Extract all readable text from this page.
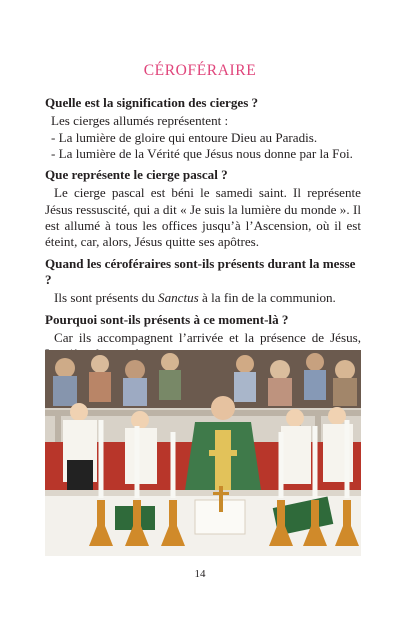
CÉROFÉRAIRE
Quelle est la signification des cierges ?
Les cierges allumés représentent :
- La lumière de gloire qui entoure Dieu au Paradis.
- La lumière de la Vérité que Jésus nous donne par la Foi.
Que représente le cierge pascal ?
Le cierge pascal est béni le samedi saint. Il représente Jésus ressuscité, qui a dit « Je suis la lumière du monde ». Il est allumé à tous les offices jusqu’à l’Ascension, où il est éteint, car, alors, Jésus quitte ses apôtres.
Quand les céroféraires sont-ils présents durant la messe ?
Ils sont présents du Sanctus à la fin de la communion.
Pourquoi sont-ils présents à ce moment-là ?
Car ils accompagnent l’arrivée et la présence de Jésus,
14
